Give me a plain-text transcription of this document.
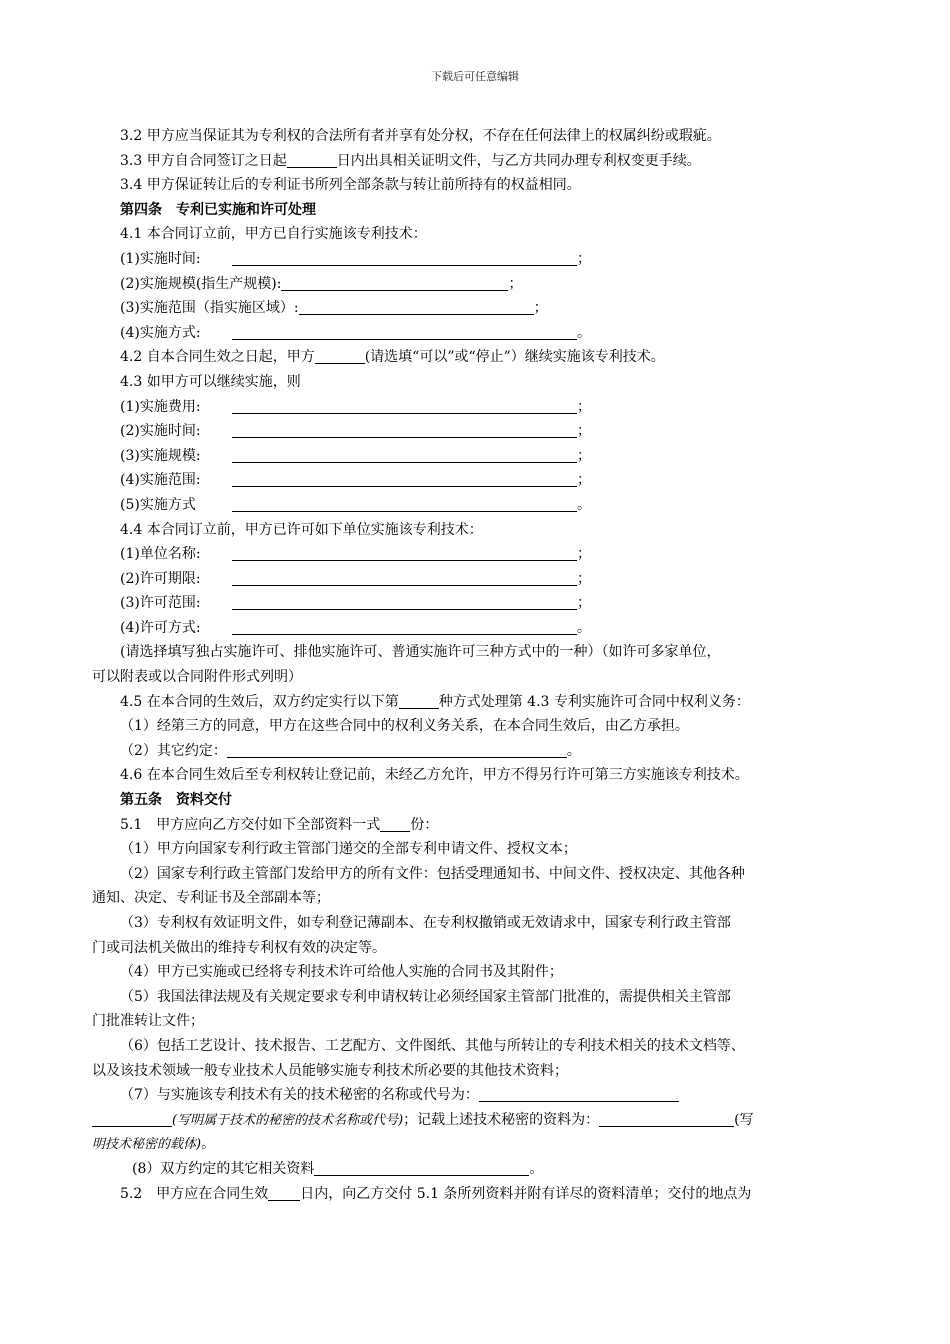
下载后可任意编辑
3.2 甲方应当保证其为专利权的合法所有者并享有处分权，不存在任何法律上的权属纠纷或瑕疵。
3.3 甲方自合同签订之日起	日内出具相关证明文件，与乙方共同办理专利权变更手续。
3.4 甲方保证转让后的专利证书所列全部条款与转让前所持有的权益相同。
第四条　专利已实施和许可处理
4.1 本合同订立前，甲方已自行实施该专利技术：
(1)实施时间:	；
(2)实施规模(指生产规模):	；
(3)实施范围（指实施区域）:	；
(4)实施方式:	。
4.2 自本合同生效之日起，甲方	(请选填“可以”或“停止”）继续实施该专利技术。
4.3 如甲方可以继续实施，则
(1)实施费用:	；
(2)实施时间:	；
(3)实施规模:	；
(4)实施范围:	；
(5)实施方式	。
4.4 本合同订立前，甲方已许可如下单位实施该专利技术：
(1)单位名称:	；
(2)许可期限:	；
(3)许可范围:	；
(4)许可方式:	。
(请选择填写独占实施许可、排他实施许可、普通实施许可三种方式中的一种）（如许可多家单位，
可以附表或以合同附件形式列明）
4.5 在本合同的生效后，双方约定实行以下第	种方式处理第 4.3 专利实施许可合同中权利义务：
（1）经第三方的同意，甲方在这些合同中的权利义务关系，在本合同生效后，由乙方承担。
（2）其它约定：	。
4.6 在本合同生效后至专利权转让登记前，未经乙方允许，甲方不得另行许可第三方实施该专利技术。
第五条　资料交付
5.1　甲方应向乙方交付如下全部资料一式 份：
（1）甲方向国家专利行政主管部门递交的全部专利申请文件、授权文本；
（2）国家专利行政主管部门发给甲方的所有文件：包括受理通知书、中间文件、授权决定、其他各种
通知、决定、专利证书及全部副本等；
（3）专利权有效证明文件，如专利登记薄副本、在专利权撤销或无效请求中，国家专利行政主管部
门或司法机关做出的维持专利权有效的决定等。
（4）甲方已实施或已经将专利技术许可给他人实施的合同书及其附件；
（5）我国法律法规及有关规定要求专利申请权转让必须经国家主管部门批准的，需提供相关主管部
门批准转让文件；
（6）包括工艺设计、技术报告、工艺配方、文件图纸、其他与所转让的专利技术相关的技术文档等、
以及该技术领域一般专业技术人员能够实施专利技术所必要的其他技术资料；
（7）与实施该专利技术有关的技术秘密的名称或代号为：
(写明属于技术的秘密的技术名称或代号)；记载上述技术秘密的资料为：	(写
明技术秘密的载体)。
(8）双方约定的其它相关资料	。
5.2　甲方应在合同生效 日内，向乙方交付 5.1 条所列资料并附有详尽的资料清单；交付的地点为
